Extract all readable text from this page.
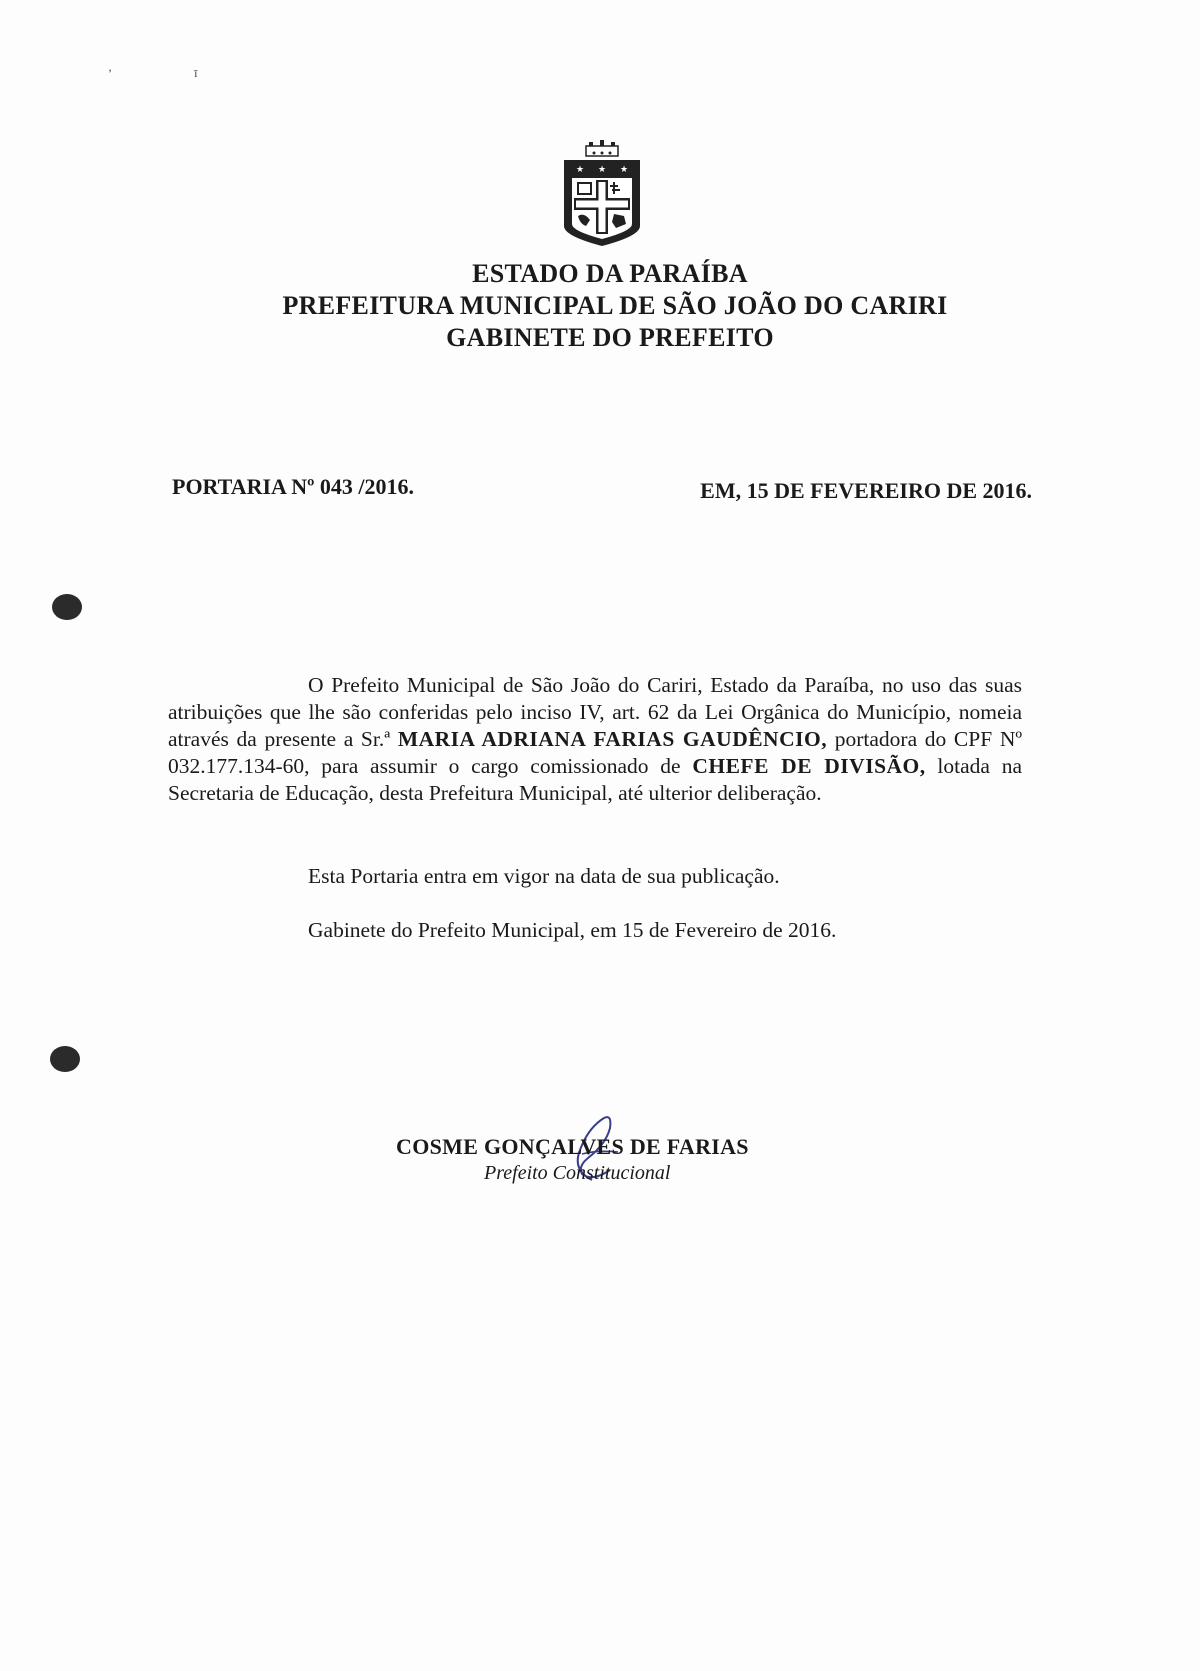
’ ī
★ ★ ★
ESTADO DA PARAÍBA
PREFEITURA MUNICIPAL DE SÃO JOÃO DO CARIRI
GABINETE DO PREFEITO
PORTARIA Nº 043 /2016.	EM, 15 DE FEVEREIRO DE 2016.

O Prefeito Municipal de São João do Cariri, Estado da Paraíba, no uso das suas atribuições que lhe são conferidas pelo inciso IV, art. 62 da Lei Orgânica do Município, nomeia através da presente a Sr.ª MARIA ADRIANA FARIAS GAUDÊNCIO, portadora do CPF Nº 032.177.134-60, para assumir o cargo comissionado de CHEFE DE DIVISÃO, lotada na Secretaria de Educação, desta Prefeitura Municipal, até ulterior deliberação.

Esta Portaria entra em vigor na data de sua publicação.
Gabinete do Prefeito Municipal, em 15 de Fevereiro de 2016.
COSME GONÇALVES DE FARIAS
Prefeito Constitucional
